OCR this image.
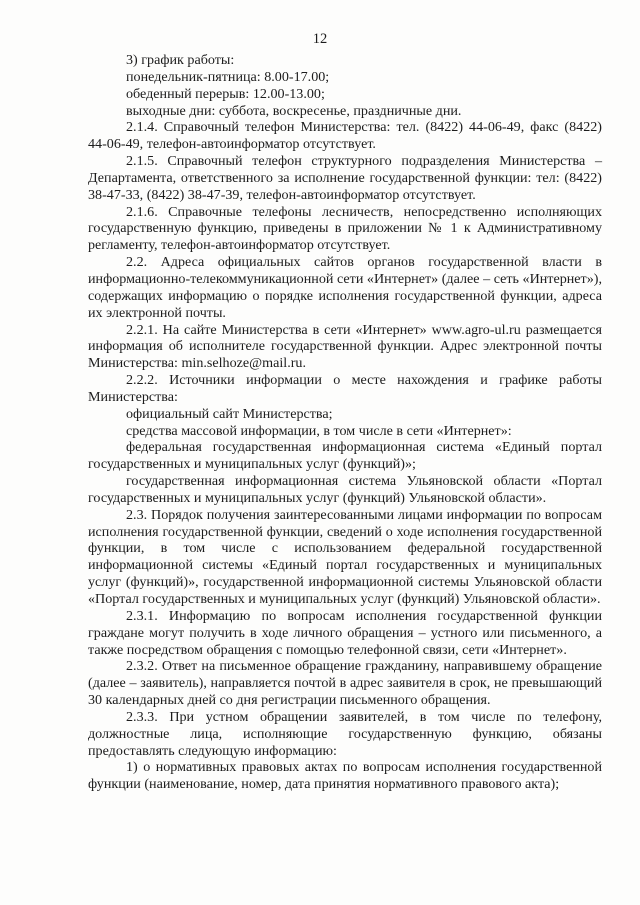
12

3) график работы:

понедельник-пятница: 8.00-17.00;

обеденный перерыв: 12.00-13.00;

выходные дни: суббота, воскресенье, праздничные дни.

2.1.4. Справочный телефон Министерства: тел. (8422) 44-06-49, факс (8422) 44-06-49, телефон-автоинформатор отсутствует.

2.1.5. Справочный телефон структурного подразделения Министерства – Департамента, ответственного за исполнение государственной функции: тел: (8422) 38-47-33, (8422) 38-47-39, телефон-автоинформатор отсутствует.

2.1.6. Справочные телефоны лесничеств, непосредственно исполняющих государственную функцию, приведены в приложении № 1 к Административному регламенту, телефон-автоинформатор отсутствует.

2.2. Адреса официальных сайтов органов государственной власти в информационно-телекоммуникационной сети «Интернет» (далее – сеть «Интернет»), содержащих информацию о порядке исполнения государственной функции, адреса их электронной почты.

2.2.1. На сайте Министерства в сети «Интернет» www.agro-ul.ru размещается информация об исполнителе государственной функции. Адрес электронной почты Министерства: min.selhoze@mail.ru.

2.2.2. Источники информации о месте нахождения и графике работы Министерства:

официальный сайт Министерства;

средства массовой информации, в том числе в сети «Интернет»:

федеральная государственная информационная система «Единый портал государственных и муниципальных услуг (функций)»;

государственная информационная система Ульяновской области «Портал государственных и муниципальных услуг (функций) Ульяновской области».

2.3. Порядок получения заинтересованными лицами информации по вопросам исполнения государственной функции, сведений о ходе исполнения государственной функции, в том числе с использованием федеральной государственной информационной системы «Единый портал государственных и муниципальных услуг (функций)», государственной информационной системы Ульяновской области «Портал государственных и муниципальных услуг (функций) Ульяновской области».

2.3.1. Информацию по вопросам исполнения государственной функции граждане могут получить в ходе личного обращения – устного или письменного, а также посредством обращения с помощью телефонной связи, сети «Интернет».

2.3.2. Ответ на письменное обращение гражданину, направившему обращение (далее – заявитель), направляется почтой в адрес заявителя в срок, не превышающий 30 календарных дней со дня регистрации письменного обращения.

2.3.3. При устном обращении заявителей, в том числе по телефону, должностные лица, исполняющие государственную функцию, обязаны предоставлять следующую информацию:

1) о нормативных правовых актах по вопросам исполнения государственной функции (наименование, номер, дата принятия нормативного правового акта);
